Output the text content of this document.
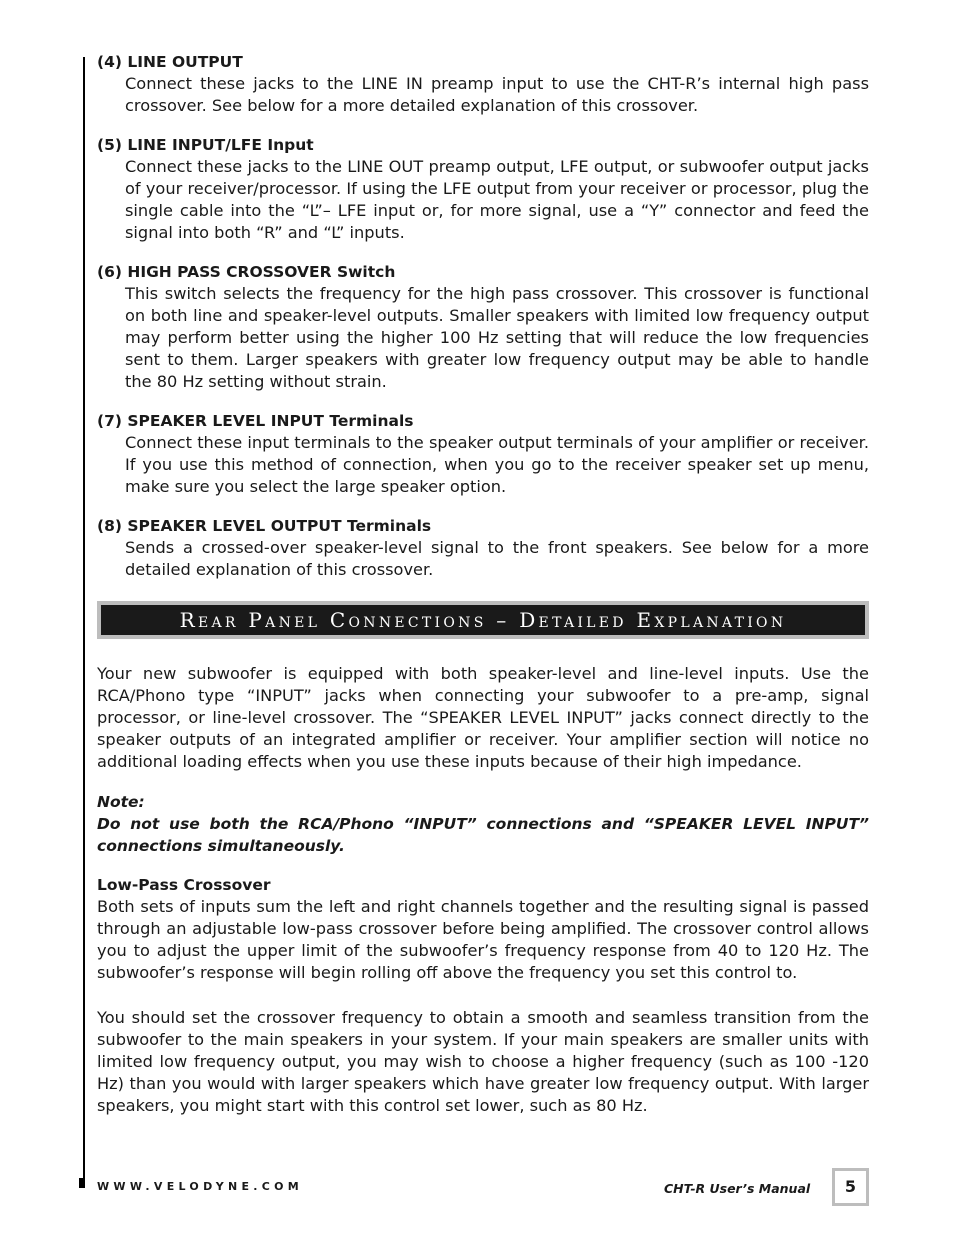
(4) LINE OUTPUT
Connect these jacks to the LINE IN preamp input to use the CHT-R’s internal high pass crossover. See below for a more detailed explanation of this crossover.
(5) LINE INPUT/LFE Input
Connect these jacks to the LINE OUT preamp output, LFE output, or subwoofer output jacks of your receiver/processor. If using the LFE output from your receiver or processor, plug the single cable into the “L”– LFE input or, for more signal, use a “Y” connector and feed the signal into both “R” and “L” inputs.
(6) HIGH PASS CROSSOVER Switch
This switch selects the frequency for the high pass crossover. This crossover is functional on both line and speaker-level outputs. Smaller speakers with limited low frequency output may perform better using the higher 100 Hz setting that will reduce the low frequencies sent to them. Larger speakers with greater low frequency output may be able to handle the 80 Hz setting without strain.
(7) SPEAKER LEVEL INPUT Terminals
Connect these input terminals to the speaker output terminals of your amplifier or receiver. If you use this method of connection, when you go to the receiver speaker set up menu, make sure you select the large speaker option.
(8) SPEAKER LEVEL OUTPUT Terminals
Sends a crossed-over speaker-level signal to the front speakers. See below for a more detailed explanation of this crossover.
Rear Panel Connections – Detailed Explanation
Your new subwoofer is equipped with both speaker-level and line-level inputs. Use the RCA/Phono type “INPUT” jacks when connecting your subwoofer to a pre-amp, signal processor, or line-level crossover. The “SPEAKER LEVEL INPUT” jacks connect directly to the speaker outputs of an integrated amplifier or receiver. Your amplifier section will notice no additional loading effects when you use these inputs because of their high impedance.
Note:
Do not use both the RCA/Phono “INPUT” connections and “SPEAKER LEVEL INPUT” connections simultaneously.
Low-Pass Crossover
Both sets of inputs sum the left and right channels together and the resulting signal is passed through an adjustable low-pass crossover before being amplified. The crossover control allows you to adjust the upper limit of the subwoofer’s frequency response from 40 to 120 Hz. The subwoofer’s response will begin rolling off above the frequency you set this control to.
You should set the crossover frequency to obtain a smooth and seamless transition from the subwoofer to the main speakers in your system. If your main speakers are smaller units with limited low frequency output, you may wish to choose a higher frequency (such as 100 -120 Hz) than you would with larger speakers which have greater low frequency output. With larger speakers, you might start with this control set lower, such as 80 Hz.
WWW.VELODYNE.COM	CHT-R User’s Manual	5
